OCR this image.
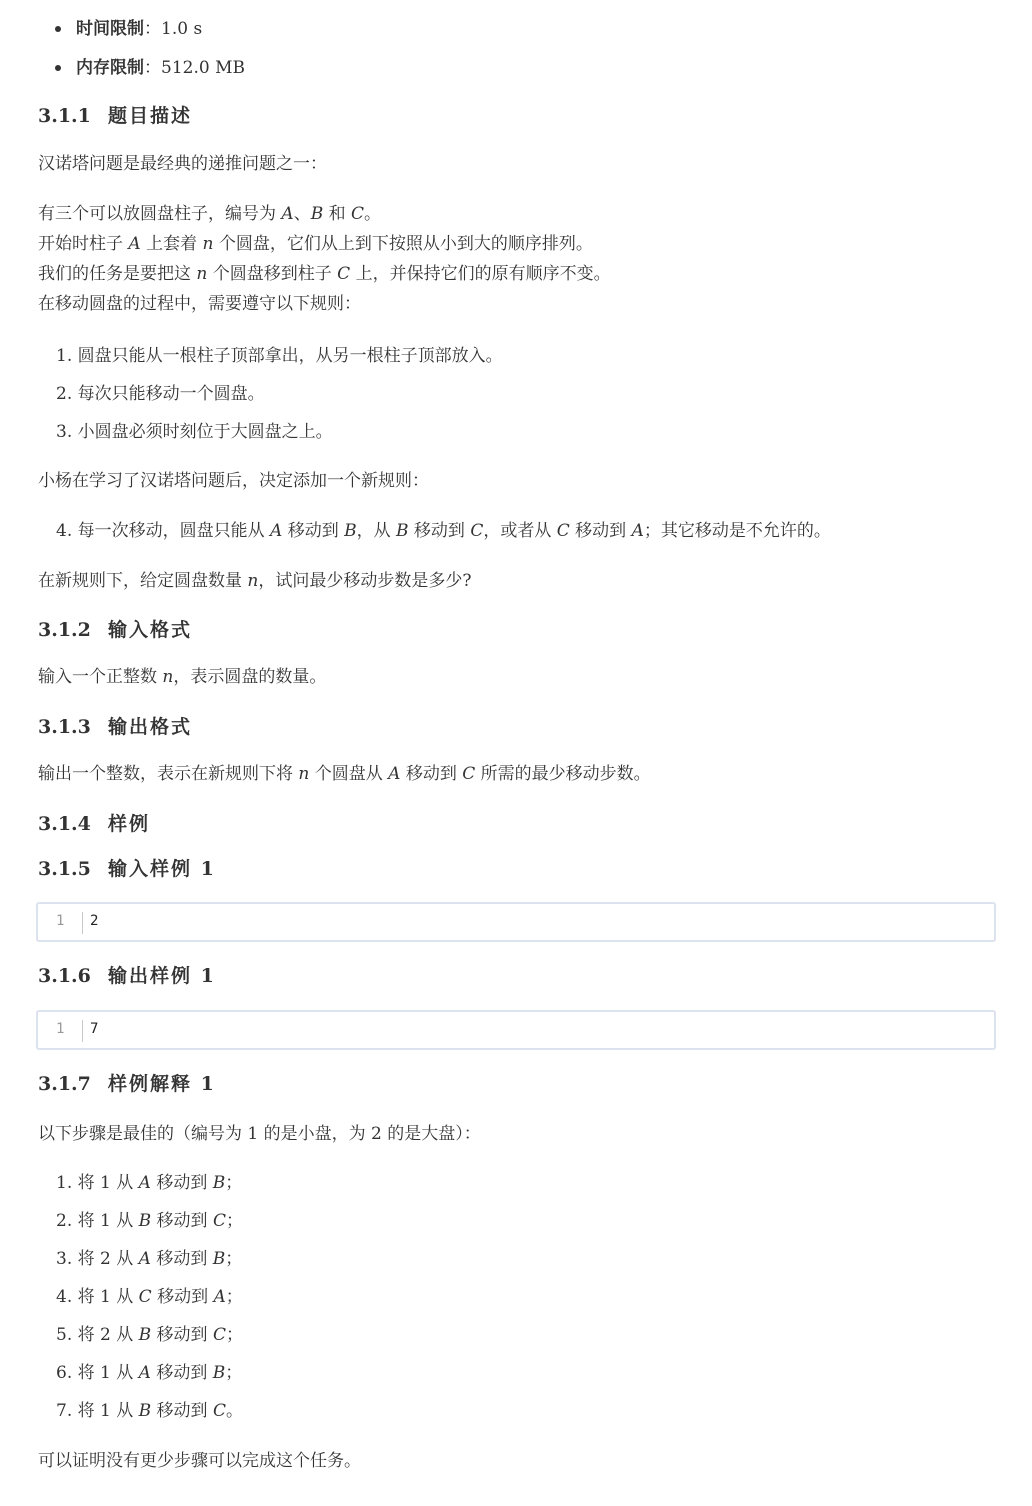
时间限制：1.0 s
内存限制：512.0 MB
3.1.1 题目描述
汉诺塔问题是最经典的递推问题之一：
有三个可以放圆盘柱子，编号为 A、B 和 C。
开始时柱子 A 上套着 n 个圆盘，它们从上到下按照从小到大的顺序排列。
我们的任务是要把这 n 个圆盘移到柱子 C 上，并保持它们的原有顺序不变。
在移动圆盘的过程中，需要遵守以下规则：
1. 圆盘只能从一根柱子顶部拿出，从另一根柱子顶部放入。
2. 每次只能移动一个圆盘。
3. 小圆盘必须时刻位于大圆盘之上。
小杨在学习了汉诺塔问题后，决定添加一个新规则：
4. 每一次移动，圆盘只能从 A 移动到 B，从 B 移动到 C，或者从 C 移动到 A；其它移动是不允许的。
在新规则下，给定圆盘数量 n，试问最少移动步数是多少?
3.1.2 输入格式
输入一个正整数 n，表示圆盘的数量。
3.1.3 输出格式
输出一个整数，表示在新规则下将 n 个圆盘从 A 移动到 C 所需的最少移动步数。
3.1.4 样例
3.1.5 输入样例 1
1 2
3.1.6 输出样例 1
1 7
3.1.7 样例解释 1
以下步骤是最佳的（编号为 1 的是小盘，为 2 的是大盘）：
1. 将 1 从 A 移动到 B；
2. 将 1 从 B 移动到 C；
3. 将 2 从 A 移动到 B；
4. 将 1 从 C 移动到 A；
5. 将 2 从 B 移动到 C；
6. 将 1 从 A 移动到 B；
7. 将 1 从 B 移动到 C。
可以证明没有更少步骤可以完成这个任务。
